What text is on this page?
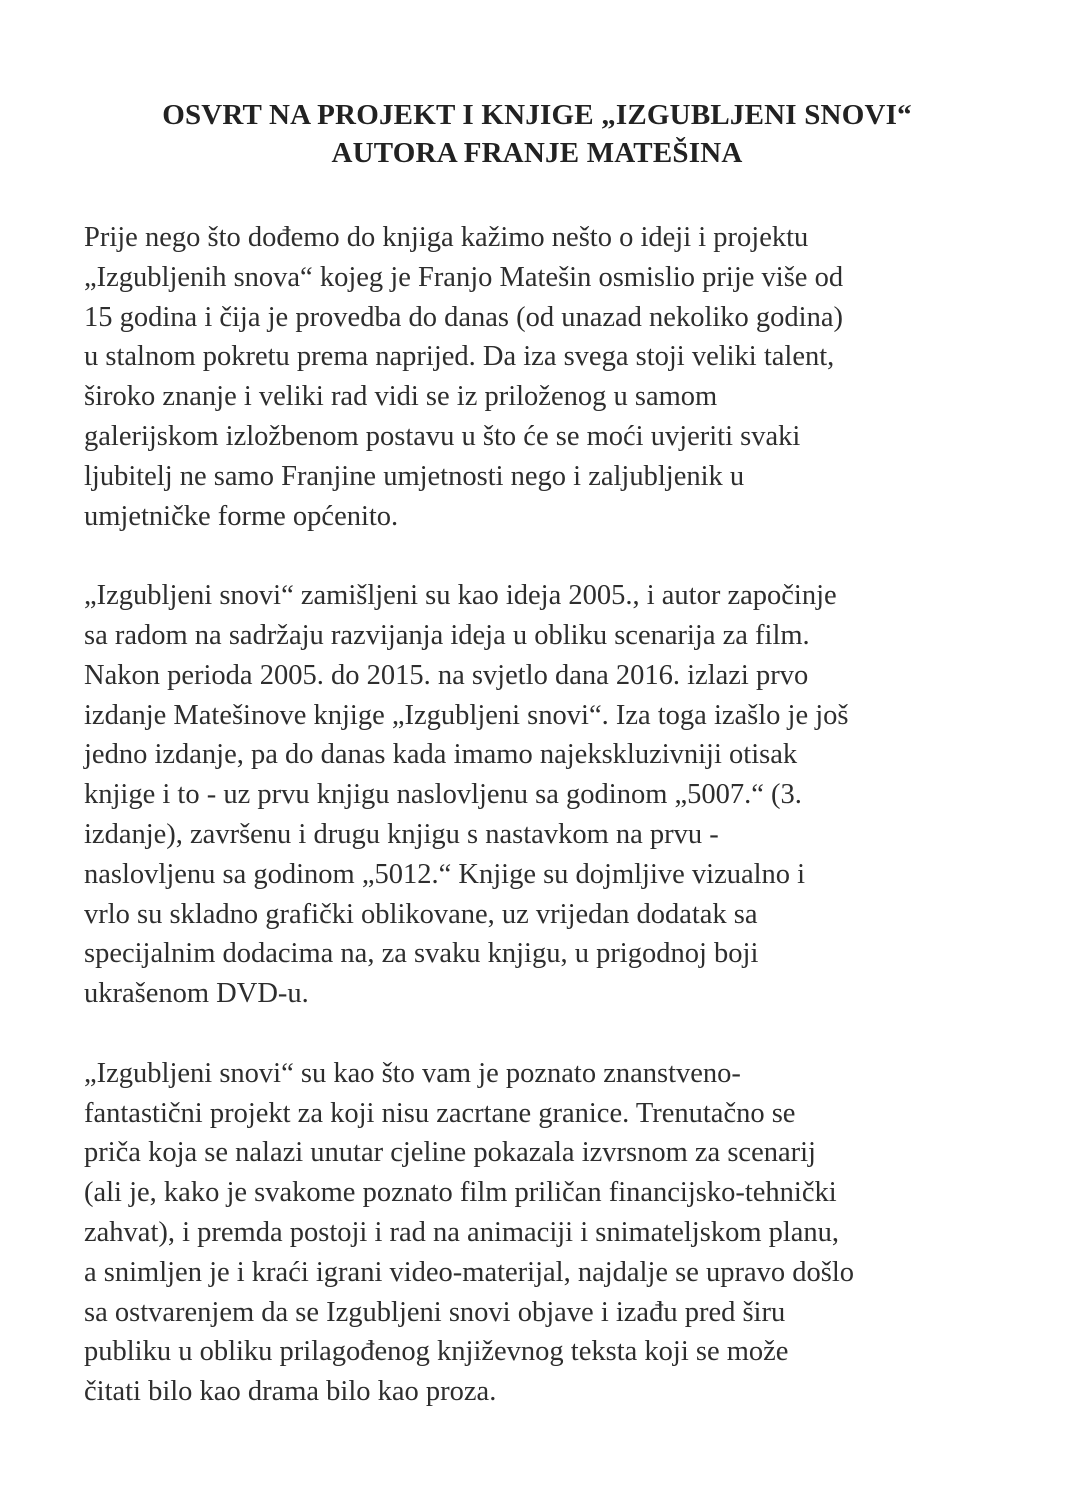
OSVRT NA PROJEKT I KNJIGE „IZGUBLJENI SNOVI“
AUTORA FRANJE MATEŠINA
Prije nego što dođemo do knjiga kažimo nešto o ideji i projektu
„Izgubljenih snova“ kojeg je Franjo Matešin osmislio prije više od
15 godina i čija je provedba do danas (od unazad nekoliko godina)
u stalnom pokretu prema naprijed. Da iza svega stoji veliki talent,
široko znanje i veliki rad vidi se iz priloženog u samom
galerijskom izložbenom postavu u što će se moći uvjeriti svaki
ljubitelj ne samo Franjine umjetnosti nego i zaljubljenik u
umjetničke forme općenito.
„Izgubljeni snovi“ zamišljeni su kao ideja 2005., i autor započinje
sa radom na sadržaju razvijanja ideja u obliku scenarija za film.
Nakon perioda 2005. do 2015. na svjetlo dana 2016. izlazi prvo
izdanje Matešinove knjige „Izgubljeni snovi“. Iza toga izašlo je još
jedno izdanje, pa do danas kada imamo najekskluzivniji otisak
knjige i to - uz prvu knjigu naslovljenu sa godinom „5007.“ (3.
izdanje), završenu i drugu knjigu s nastavkom na prvu -
naslovljenu sa godinom „5012.“ Knjige su dojmljive vizualno i
vrlo su skladno grafički oblikovane, uz vrijedan dodatak sa
specijalnim dodacima na, za svaku knjigu, u prigodnoj boji
ukrašenom DVD-u.
„Izgubljeni snovi“ su kao što vam je poznato znanstveno-
fantastični projekt za koji nisu zacrtane granice. Trenutačno se
priča koja se nalazi unutar cjeline pokazala izvrsnom za scenarij
(ali je, kako je svakome poznato film priličan financijsko-tehnički
zahvat), i premda postoji i rad na animaciji i snimateljskom planu,
a snimljen je i kraći igrani video-materijal, najdalje se upravo došlo
sa ostvarenjem da se Izgubljeni snovi objave i izađu pred širu
publiku u obliku prilagođenog književnog teksta koji se može
čitati bilo kao drama bilo kao proza.
